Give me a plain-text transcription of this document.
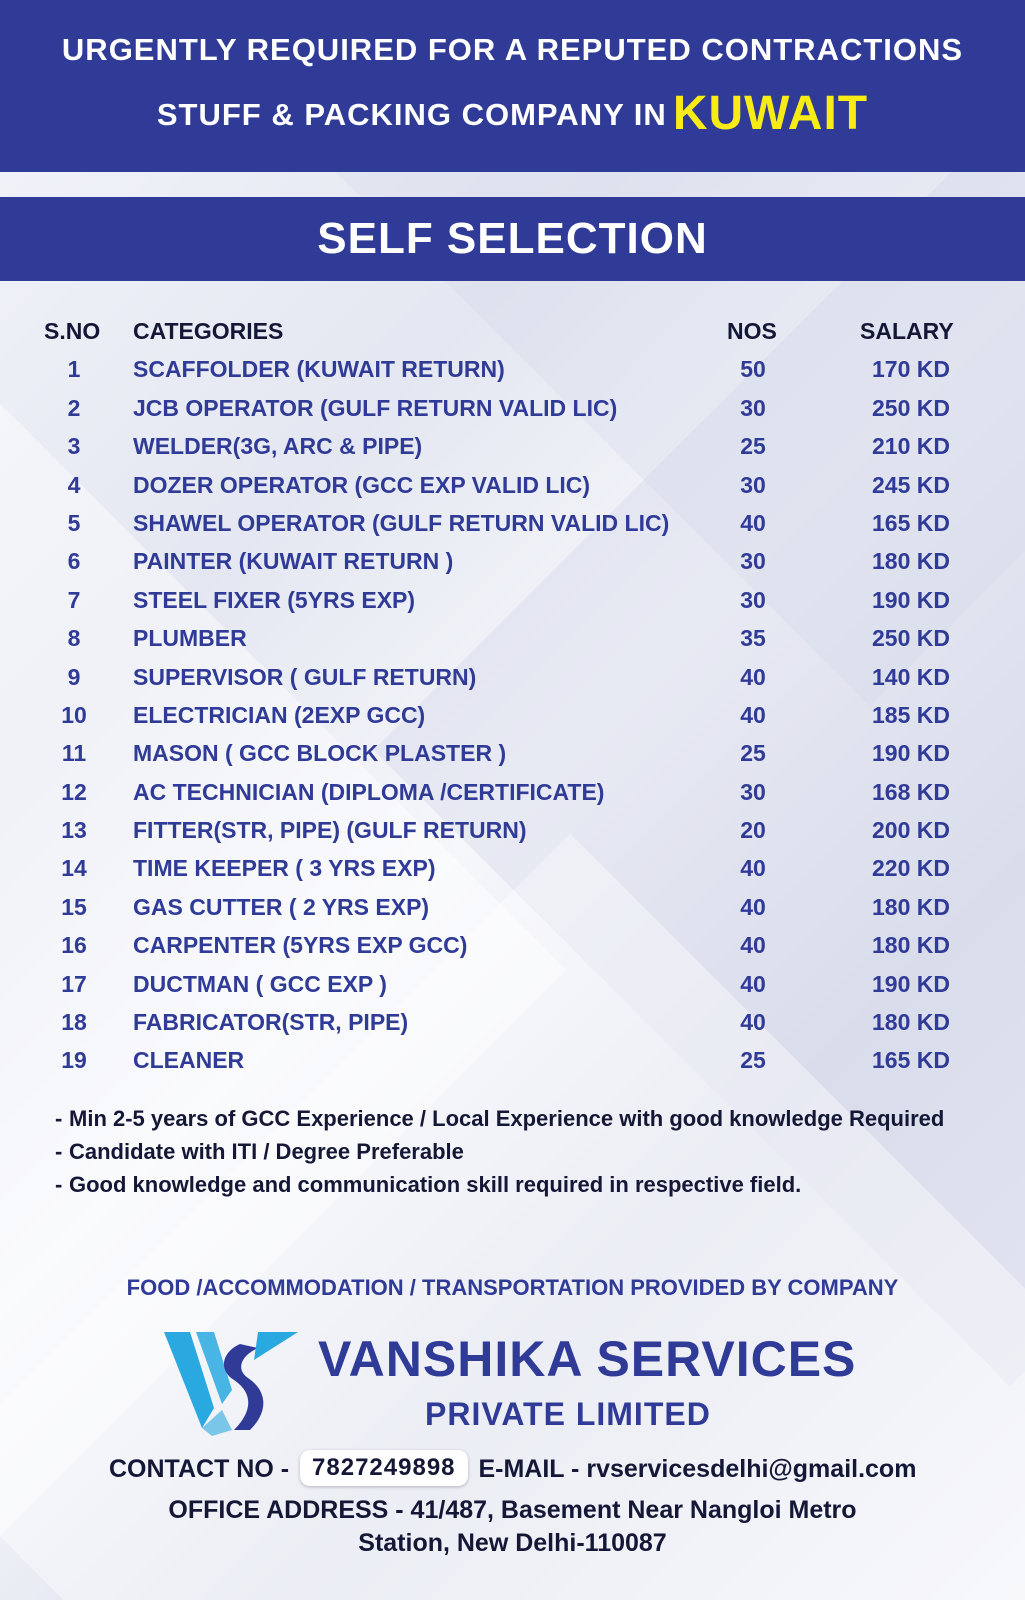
URGENTLY REQUIRED FOR A REPUTED CONTRACTIONS
STUFF & PACKING COMPANY IN KUWAIT
SELF SELECTION
S.NO CATEGORIES	NOS	SALARY
1	SCAFFOLDER (KUWAIT RETURN)	50	170 KD
2	JCB OPERATOR (GULF RETURN VALID LIC)	30	250 KD
3	WELDER(3G, ARC & PIPE)	25	210 KD
4	DOZER OPERATOR (GCC EXP VALID LIC)	30	245 KD
5	SHAWEL OPERATOR (GULF RETURN VALID LIC)	40	165 KD
6	PAINTER (KUWAIT RETURN )	30	180 KD
7	STEEL FIXER (5YRS EXP)	30	190 KD
8	PLUMBER	35	250 KD
9	SUPERVISOR ( GULF RETURN)	40	140 KD
10	ELECTRICIAN (2EXP GCC)	40	185 KD
11	MASON ( GCC BLOCK PLASTER )	25	190 KD
12	AC TECHNICIAN (DIPLOMA /CERTIFICATE)	30	168 KD
13	FITTER(STR, PIPE) (GULF RETURN)	20	200 KD
14	TIME KEEPER ( 3 YRS EXP)	40	220 KD
15	GAS CUTTER ( 2 YRS EXP)	40	180 KD
16	CARPENTER (5YRS EXP GCC)	40	180 KD
17	DUCTMAN ( GCC EXP )	40	190 KD
18	FABRICATOR(STR, PIPE)	40	180 KD
19	CLEANER	25	165 KD
- Min 2-5 years of GCC Experience / Local Experience with good knowledge Required
- Candidate with ITI / Degree Preferable
- Good knowledge and communication skill required in respective field.
FOOD /ACCOMMODATION / TRANSPORTATION PROVIDED BY COMPANY
VANSHIKA SERVICES
PRIVATE LIMITED
CONTACT NO - 7827249898 E-MAIL - rvservicesdelhi@gmail.com
OFFICE ADDRESS - 41/487, Basement Near Nangloi Metro
Station, New Delhi-110087
